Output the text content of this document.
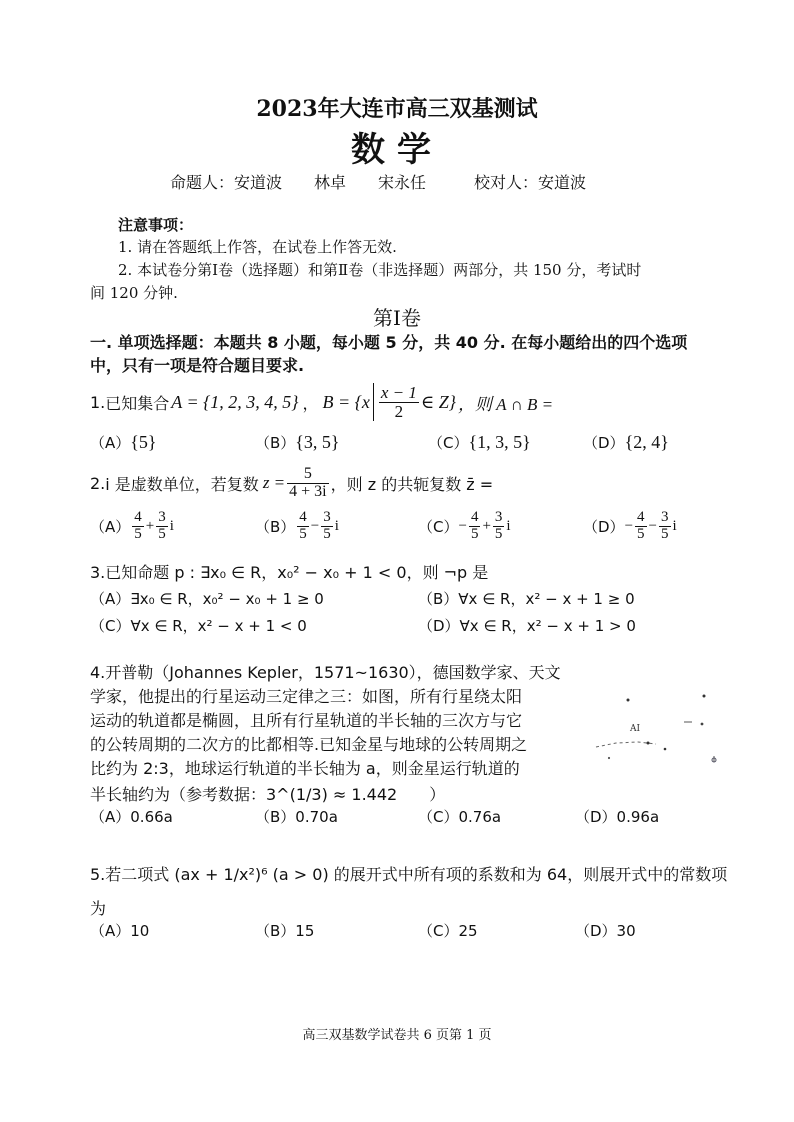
2023年大连市高三双基测试
数学
命题人：安道波　　林卓　　宋永任　　　校对人：安道波
注意事项：
1. 请在答题纸上作答，在试卷上作答无效.
2. 本试卷分第Ⅰ卷（选择题）和第Ⅱ卷（非选择题）两部分，共 150 分，考试时
间 120 分钟.
第Ⅰ卷
一. 单项选择题：本题共 8 小题，每小题 5 分，共 40 分. 在每小题给出的四个选项
中，只有一项是符合题目要求.
1. 已知集合 A = {1, 2, 3, 4, 5} ， $B = \{x \frac{x - 1}{2}$ ∈ Z} ，则 A ∩ B =
（A）{5}	（B）{3, 5}	（C）{1, 3, 5}	（D）{2, 4}
2. i 是虚数单位，若复数 $z = \frac{5}{4 + 3i}$ ，则 z 的共轭复数 z̄ =
$(A) \frac{4}{5} + \frac{3}{5}$ i	$(B) \frac{4}{5} - \frac{3}{5}$ i	$(C) - \frac{4}{5} + \frac{3}{5}$ i	$(D) - \frac{4}{5} - \frac{3}{5}$ i
3.已知命题 p : ∃x₀ ∈ R，x₀² − x₀ + 1 < 0，则 ¬p 是
（A）∃x₀ ∈ R，x₀² − x₀ + 1 ≥ 0	（B）∀x ∈ R，x² − x + 1 ≥ 0
（C）∀x ∈ R，x² − x + 1 < 0	（D）∀x ∈ R，x² − x + 1 > 0
4.开普勒（Johannes Kepler，1571~1630），德国数学家、天文
学家，他提出的行星运动三定律之三：如图，所有行星绕太阳
运动的轨道都是椭圆，且所有行星轨道的半长轴的三次方与它
的公转周期的二次方的比都相等.已知金星与地球的公转周期之
比约为 2:3，地球运行轨道的半长轴为 a，则金星运行轨道的
半长轴约为（参考数据：3^(1/3) ≈ 1.442　　）
AI
（A）0.66a	（B）0.70a	（C）0.76a	（D）0.96a
5.若二项式 (ax + 1/x²)⁶ (a > 0) 的展开式中所有项的系数和为 64，则展开式中的常数项
为
（A）10	（B）15	（C）25	（D）30
高三双基数学试卷共 6 页第 1 页
